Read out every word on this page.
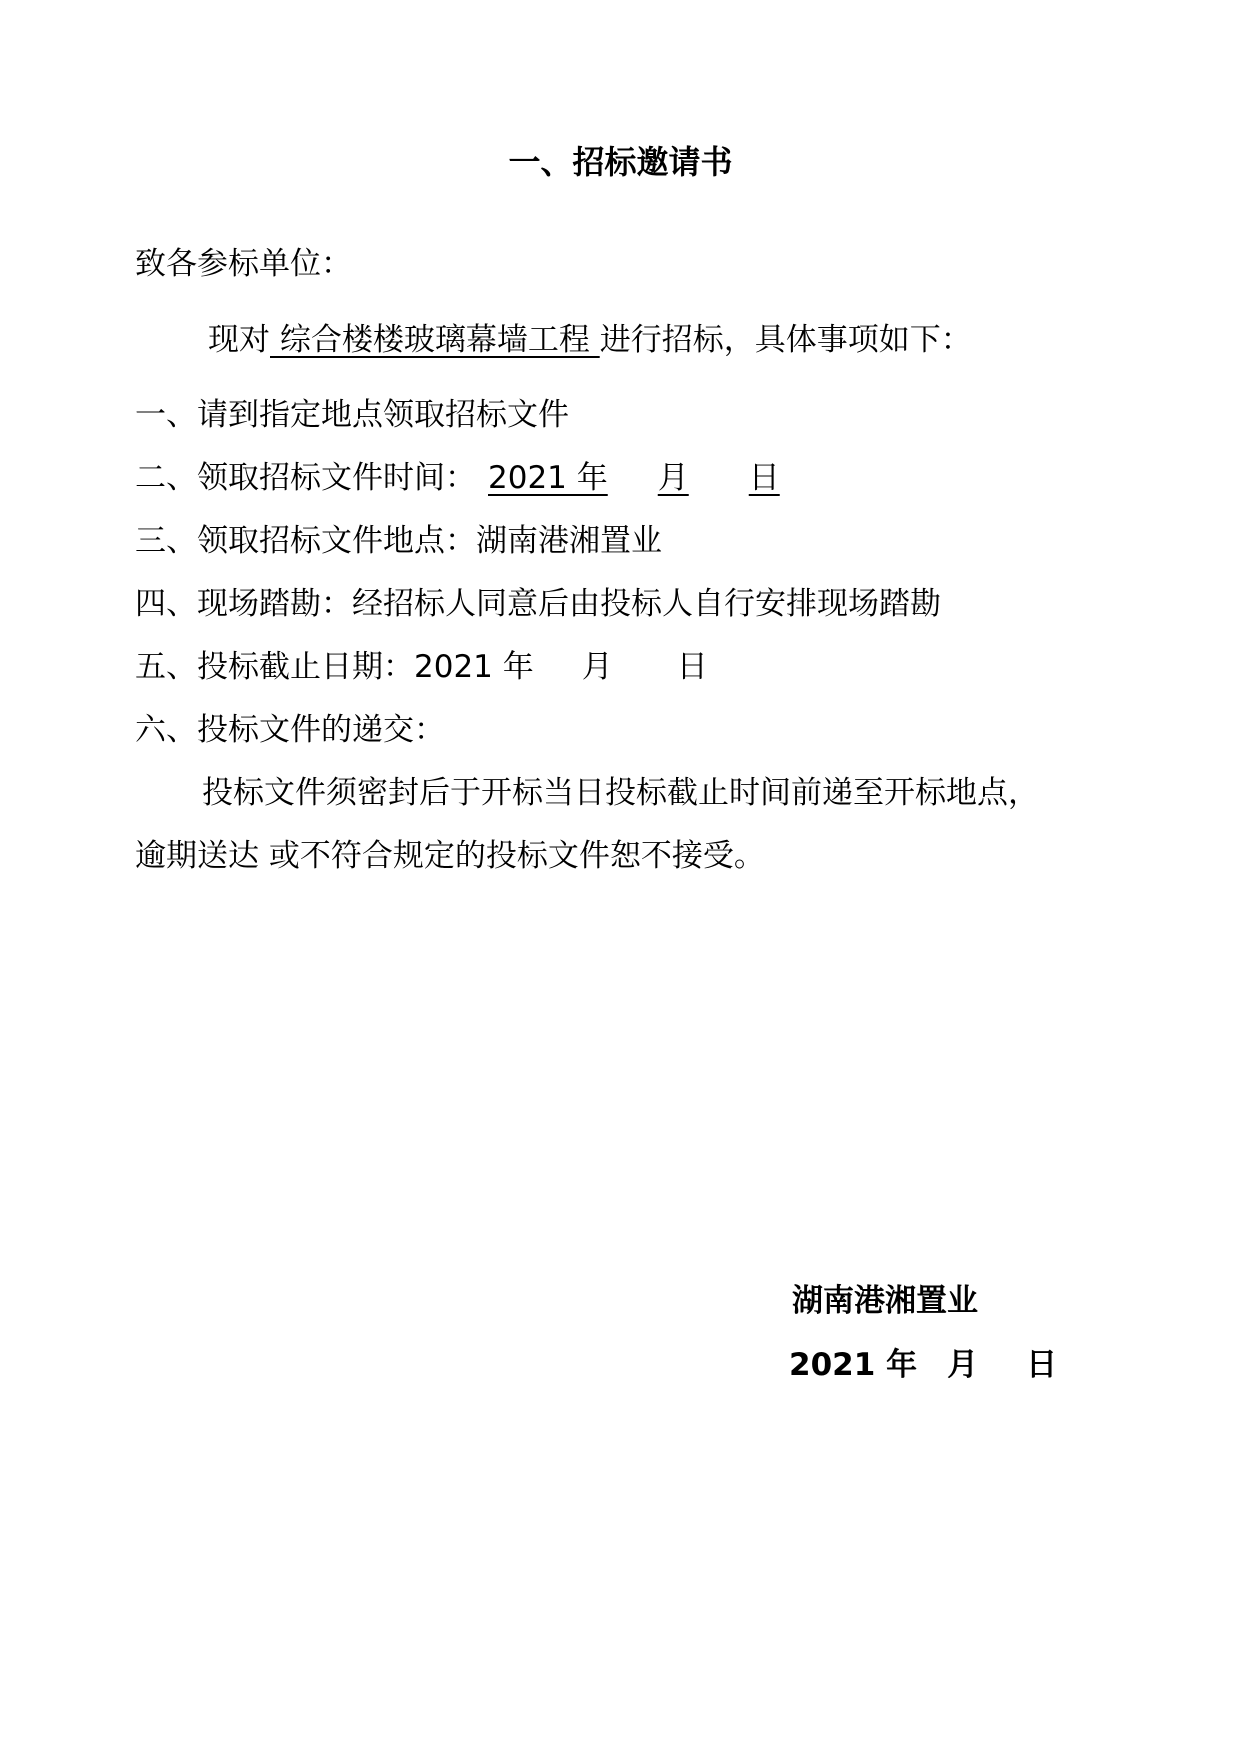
一、招标邀请书
致各参标单位：
现对 综合楼楼玻璃幕墙工程 进行招标，具体事项如下：
一、请到指定地点领取招标文件
二、领取招标文件时间： 2021 年 月 日
三、领取招标文件地点：湖南港湘置业
四、现场踏勘：经招标人同意后由投标人自行安排现场踏勘
五、投标截止日期：2021 年 月 日
六、投标文件的递交：
投标文件须密封后于开标当日投标截止时间前递至开标地点，
逾期送达 或不符合规定的投标文件恕不接受。
湖南港湘置业
2021 年 月 日
